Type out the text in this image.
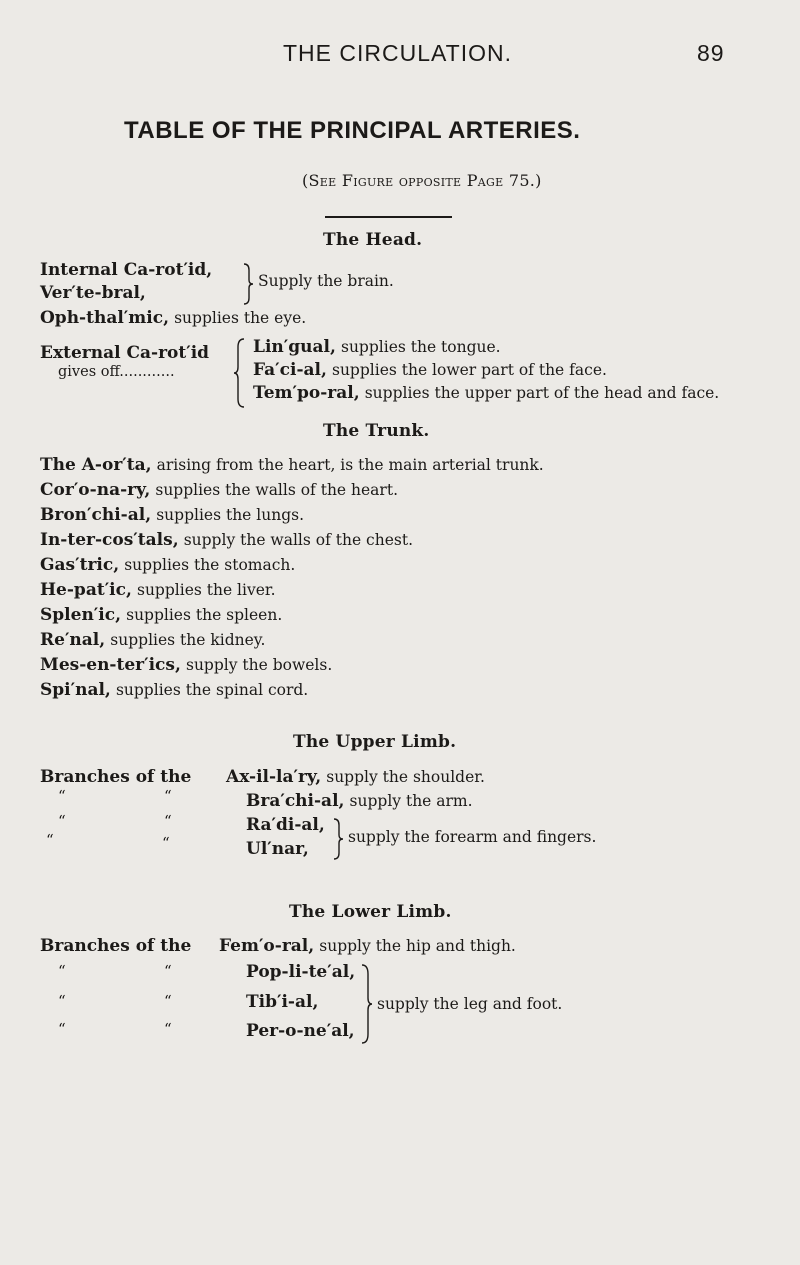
THE CIRCULATION.	89
TABLE OF THE PRINCIPAL ARTERIES.
(See Figure opposite Page 75.)
The Head.
Internal Ca-rot′id,
Ver′te-bral,
Supply the brain.
Oph-thal′mic, supplies the eye.
External Ca-rot′id
gives off............
Lin′gual, supplies the tongue.
Fa′ci-al, supplies the lower part of the face.
Tem′po-ral, supplies the upper part of the head and face.
The Trunk.
The A-or′ta, arising from the heart, is the main arterial trunk.
Cor′o-na-ry, supplies the walls of the heart.
Bron′chi-al, supplies the lungs.
In-ter-cos′tals, supply the walls of the chest.
Gas′tric, supplies the stomach.
He-pat′ic, supplies the liver.
Splen′ic, supplies the spleen.
Re′nal, supplies the kidney.
Mes-en-ter′ics, supply the bowels.
Spi′nal, supplies the spinal cord.
The Upper Limb.
Branches of the Ax-il-la′ry, supply the shoulder.
“	“	Bra′chi-al, supply the arm.
“	“	Ra′di-al,
“	“	Ul′nar,
supply the forearm and fingers.
The Lower Limb.
Branches of the Fem′o-ral, supply the hip and thigh.
“	“	Pop-li-te′al,
“	“	Tib′i-al,
“	“	Per-o-ne′al,
supply the leg and foot.
